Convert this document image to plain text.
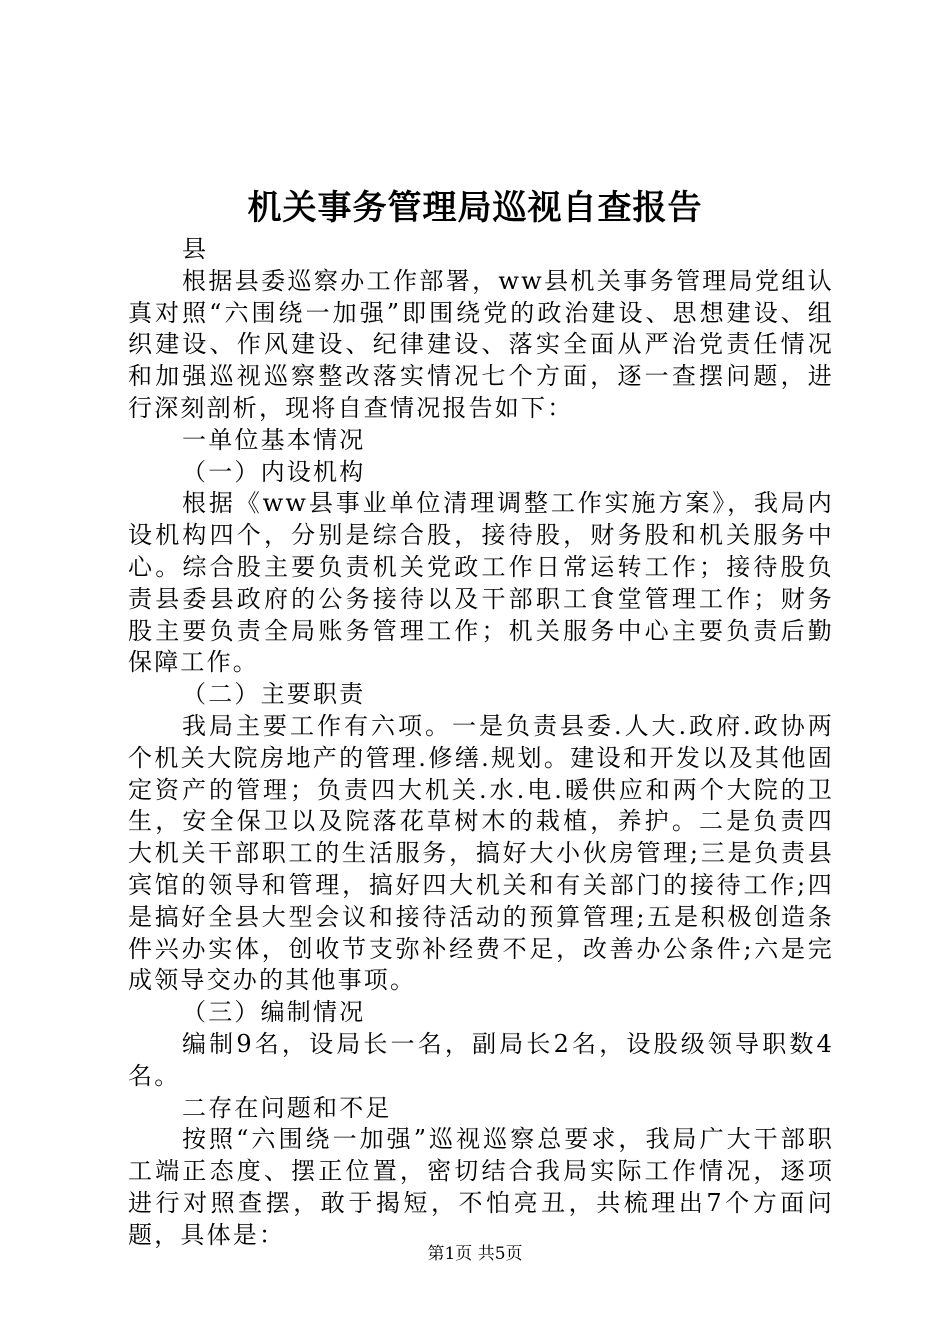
机关事务管理局巡视自查报告

县

根据县委巡察办工作部署，ww县机关事务管理局党组认真对照“六围绕一加强”即围绕党的政治建设、思想建设、组织建设、作风建设、纪律建设、落实全面从严治党责任情况和加强巡视巡察整改落实情况七个方面，逐一查摆问题，进行深刻剖析，现将自查情况报告如下：

一单位基本情况

（一）内设机构

根据《ww县事业单位清理调整工作实施方案》，我局内设机构四个，分别是综合股，接待股，财务股和机关服务中心。综合股主要负责机关党政工作日常运转工作；接待股负责县委县政府的公务接待以及干部职工食堂管理工作；财务股主要负责全局账务管理工作；机关服务中心主要负责后勤保障工作。

（二）主要职责

我局主要工作有六项。一是负责县委.人大.政府.政协两个机关大院房地产的管理.修缮.规划。建设和开发以及其他固定资产的管理；负责四大机关.水.电.暖供应和两个大院的卫生，安全保卫以及院落花草树木的栽植，养护。二是负责四大机关干部职工的生活服务，搞好大小伙房管理;三是负责县宾馆的领导和管理，搞好四大机关和有关部门的接待工作;四是搞好全县大型会议和接待活动的预算管理;五是积极创造条件兴办实体，创收节支弥补经费不足，改善办公条件;六是完成领导交办的其他事项。

（三）编制情况

编制9名，设局长一名，副局长2名，设股级领导职数4名。

二存在问题和不足

按照“六围绕一加强”巡视巡察总要求，我局广大干部职工端正态度、摆正位置，密切结合我局实际工作情况，逐项进行对照查摆，敢于揭短，不怕亮丑，共梳理出7个方面问题，具体是：

第1页 共5页
